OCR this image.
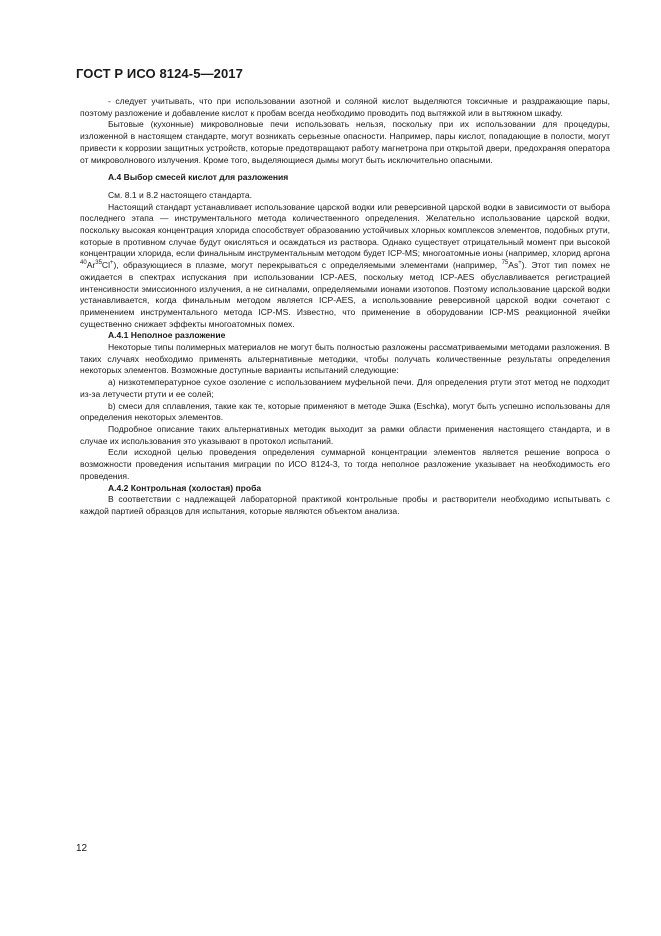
ГОСТ Р ИСО 8124-5—2017

- следует учитывать, что при использовании азотной и соляной кислот выделяются токсичные и раздражающие пары, поэтому разложение и добавление кислот к пробам всегда необходимо проводить под вытяжкой или в вытяжном шкафу.

Бытовые (кухонные) микроволновые печи использовать нельзя, поскольку при их использовании для процедуры, изложенной в настоящем стандарте, могут возникать серьезные опасности. Например, пары кислот, попадающие в полости, могут привести к коррозии защитных устройств, которые предотвращают работу магнетрона при открытой двери, предохраняя оператора от микроволнового излучения. Кроме того, выделяющиеся дымы могут быть исключительно опасными.

А.4 Выбор смесей кислот для разложения

См. 8.1 и 8.2 настоящего стандарта.

Настоящий стандарт устанавливает использование царской водки или реверсивной царской водки в зависимости от выбора последнего этапа — инструментального метода количественного определения. Желательно использование царской водки, поскольку высокая концентрация хлорида способствует образованию устойчивых хлорных комплексов элементов, подобных ртути, которые в противном случае будут окисляться и осаждаться из раствора. Однако существует отрицательный момент при высокой концентрации хлорида, если финальным инструментальным методом будет ICP-MS; многоатомные ионы (например, хлорид аргона $^{40}$Ar$^{35}$Cl+), образующиеся в плазме, могут перекрываться с определяемыми элементами (например, $^{75}$As+). Этот тип помех не ожидается в спектрах испускания при использовании ICP-AES, поскольку метод ICP-AES обуславливается регистрацией интенсивности эмиссионного излучения, а не сигналами, определяемыми ионами изотопов. Поэтому использование царской водки устанавливается, когда финальным методом является ICP-AES, а использование реверсивной царской водки сочетают с применением инструментального метода ICP-MS. Известно, что применение в оборудовании ICP-MS реакционной ячейки существенно снижает эффекты многоатомных помех.

А.4.1 Неполное разложение

Некоторые типы полимерных материалов не могут быть полностью разложены рассматриваемыми методами разложения. В таких случаях необходимо применять альтернативные методики, чтобы получать количественные результаты определения некоторых элементов. Возможные доступные варианты испытаний следующие:

a) низкотемпературное сухое озоление с использованием муфельной печи. Для определения ртути этот метод не подходит из-за летучести ртути и ее солей;

b) смеси для сплавления, такие как те, которые применяют в методе Эшка (Eschka), могут быть успешно использованы для определения некоторых элементов.

Подробное описание таких альтернативных методик выходит за рамки области применения настоящего стандарта, и в случае их использования это указывают в протокол испытаний.

Если исходной целью проведения определения суммарной концентрации элементов является решение вопроса о возможности проведения испытания миграции по ИСО 8124-3, то тогда неполное разложение указывает на необходимость его проведения.

А.4.2 Контрольная (холостая) проба

В соответствии с надлежащей лабораторной практикой контрольные пробы и растворители необходимо испытывать с каждой партией образцов для испытания, которые являются объектом анализа.

12
